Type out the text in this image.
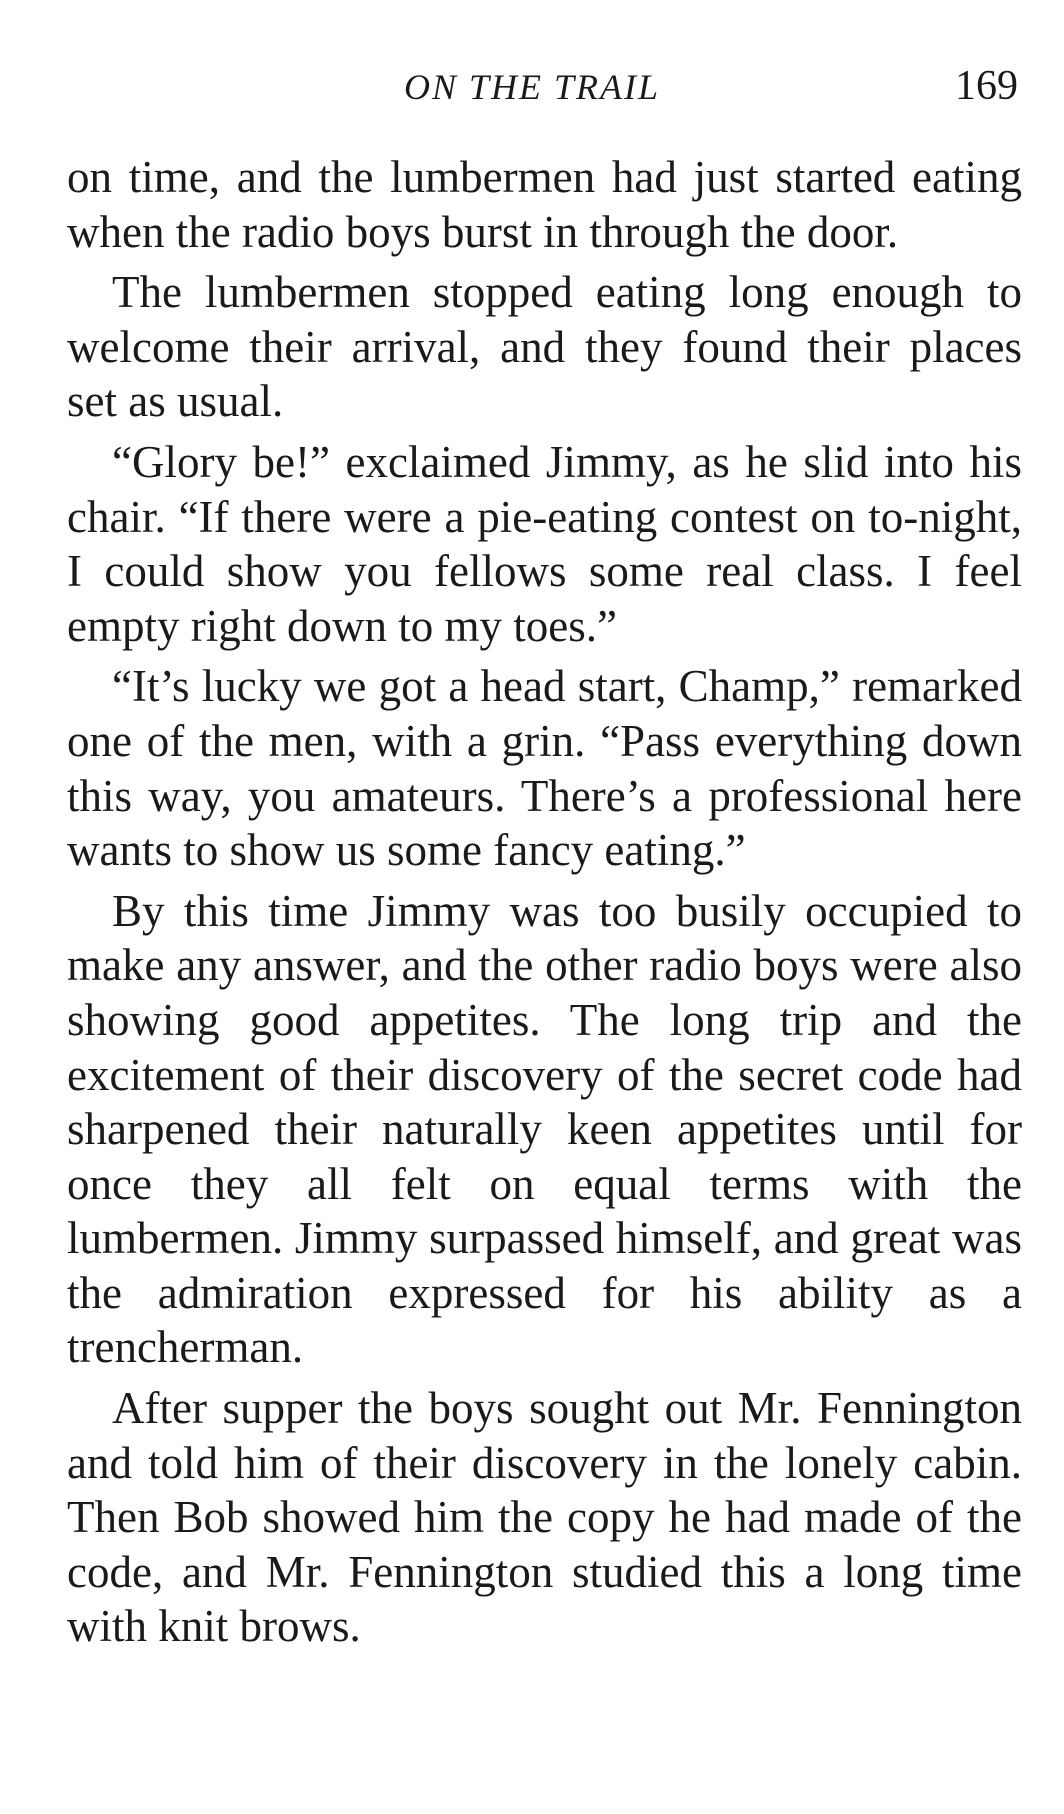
ON THE TRAIL	169

on time, and the lumbermen had just started eating when the radio boys burst in through the door.

The lumbermen stopped eating long enough to welcome their arrival, and they found their places set as usual.

“Glory be!” exclaimed Jimmy, as he slid into his chair. “If there were a pie-eating contest on to-night, I could show you fellows some real class. I feel empty right down to my toes.”

“It’s lucky we got a head start, Champ,” remarked one of the men, with a grin. “Pass everything down this way, you amateurs. There’s a professional here wants to show us some fancy eating.”

By this time Jimmy was too busily occupied to make any answer, and the other radio boys were also showing good appetites. The long trip and the excitement of their discovery of the secret code had sharpened their naturally keen appetites until for once they all felt on equal terms with the lumbermen. Jimmy surpassed himself, and great was the admiration expressed for his ability as a trencherman.

After supper the boys sought out Mr. Fennington and told him of their discovery in the lonely cabin. Then Bob showed him the copy he had made of the code, and Mr. Fennington studied this a long time with knit brows.
